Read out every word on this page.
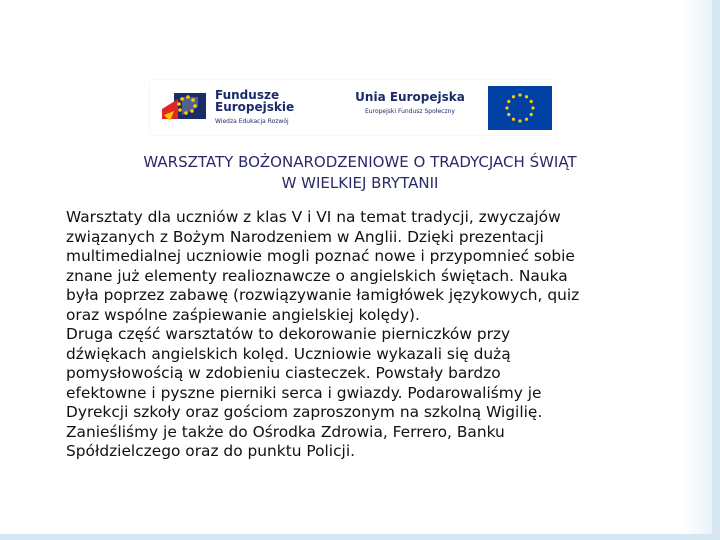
Fundusze
Europejskie
Wiedza Edukacja Rozwój
Unia Europejska
Europejski Fundusz Społeczny
WARSZTATY BOŻONARODZENIOWE O TRADYCJACH ŚWIĄT
W WIELKIEJ BRYTANII
Warsztaty dla uczniów z klas V i VI na temat tradycji, zwyczajów
związanych z Bożym Narodzeniem w Anglii. Dzięki prezentacji
multimedialnej uczniowie mogli poznać nowe i przypomnieć sobie
znane już elementy realioznawcze o angielskich świętach. Nauka
była poprzez zabawę (rozwiązywanie łamigłówek językowych, quiz
oraz wspólne zaśpiewanie angielskiej kolędy).
Druga część warsztatów to dekorowanie pierniczków przy
dźwiękach angielskich kolęd. Uczniowie wykazali się dużą
pomysłowością w zdobieniu ciasteczek. Powstały bardzo
efektowne i pyszne pierniki serca i gwiazdy. Podarowaliśmy je
Dyrekcji szkoły oraz gościom zaproszonym na szkolną Wigilię.
Zanieśliśmy je także do Ośrodka Zdrowia, Ferrero, Banku
Spółdzielczego oraz do punktu Policji.
